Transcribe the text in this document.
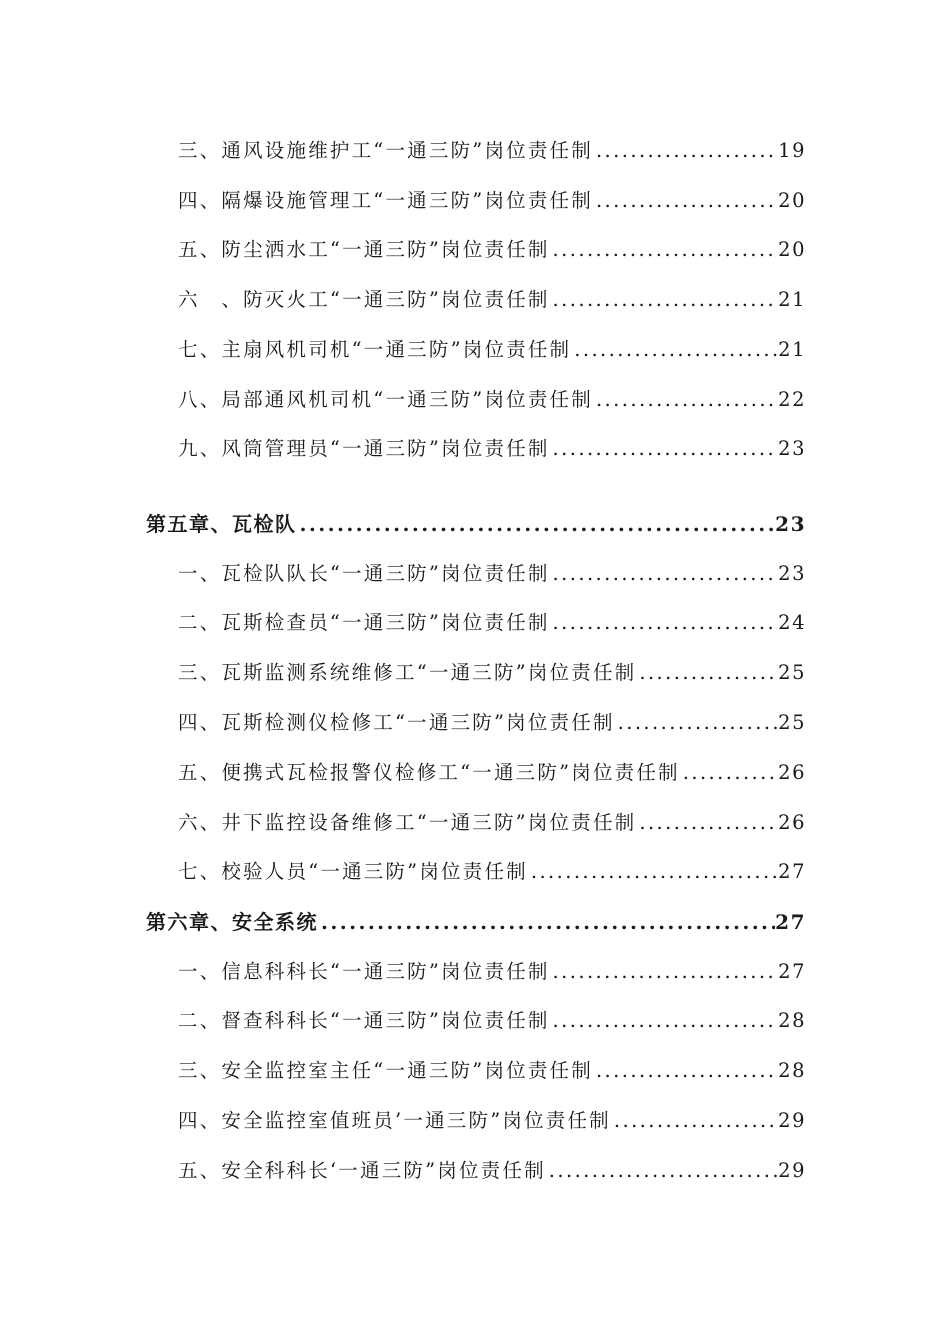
三、通风设施维护工“一通三防”岗位责任制 .....	19
四、隔爆设施管理工“一通三防”岗位责任制 .....	20
五、防尘洒水工“一通三防”岗位责任制 .....	20
六　、防灭火工“一通三防”岗位责任制 .....	21
七、主扇风机司机“一通三防”岗位责任制 .....	21
八、局部通风机司机“一通三防”岗位责任制 .....	22
九、风筒管理员“一通三防”岗位责任制 .....	23
第五章、瓦检队 .....	23
一、瓦检队队长“一通三防”岗位责任制 .....	23
二、瓦斯检查员“一通三防”岗位责任制 .....	24
三、瓦斯监测系统维修工“一通三防”岗位责任制 .....	25
四、瓦斯检测仪检修工“一通三防”岗位责任制 .....	25
五、便携式瓦检报警仪检修工“一通三防”岗位责任制 .....	26
六、井下监控设备维修工“一通三防”岗位责任制 .....	26
七、校验人员“一通三防”岗位责任制 .....	27
第六章、安全系统 .....	27
一、信息科科长“一通三防”岗位责任制 .....	27
二、督查科科长“一通三防”岗位责任制 .....	28
三、安全监控室主任“一通三防”岗位责任制 .....	28
四、安全监控室值班员’一通三防”岗位责任制 .....	29
五、安全科科长‘一通三防”岗位责任制 .....	29
